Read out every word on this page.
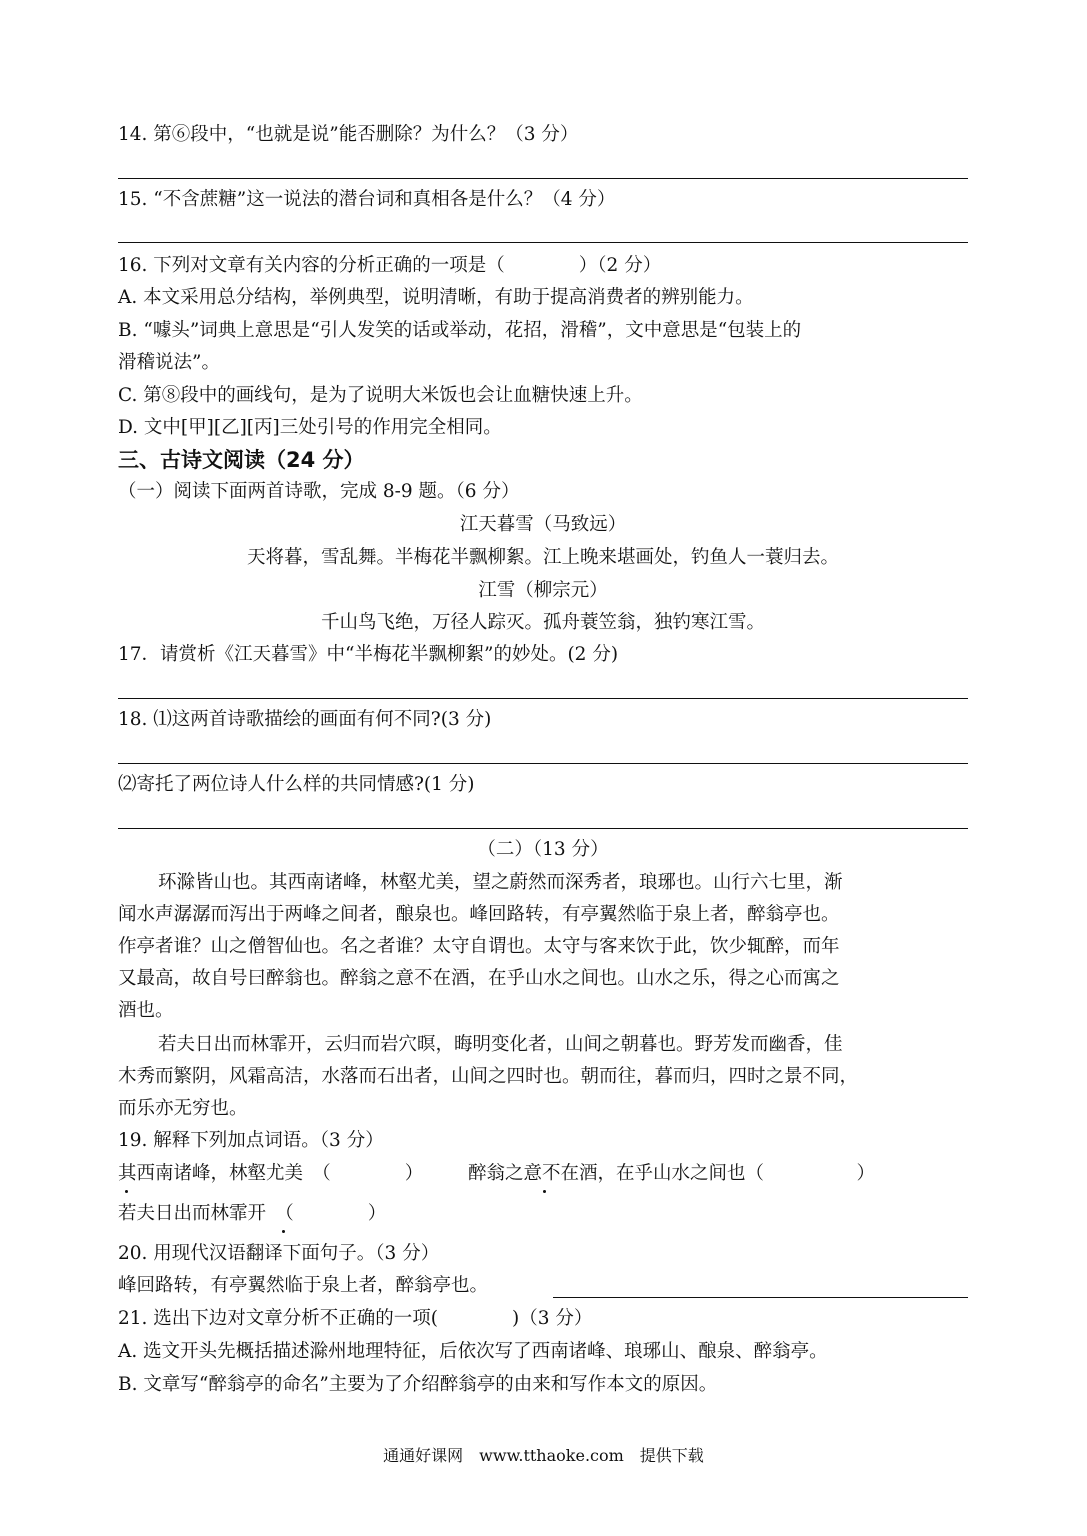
14. 第⑥段中，“也就是说”能否删除？为什么？（3 分）
15. “不含蔗糖”这一说法的潜台词和真相各是什么？（4 分）
16. 下列对文章有关内容的分析正确的一项是（　　　　）（2 分）
A. 本文采用总分结构，举例典型，说明清晰，有助于提高消费者的辨别能力。
B. “噱头”词典上意思是“引人发笑的话或举动，花招，滑稽”，文中意思是“包装上的
滑稽说法”。
C. 第⑧段中的画线句，是为了说明大米饭也会让血糖快速上升。
D. 文中[甲][乙][丙]三处引号的作用完全相同。
三、古诗文阅读（24 分）
（一）阅读下面两首诗歌，完成 8-9 题。（6 分）
江天暮雪（马致远）
天将暮，雪乱舞。半梅花半飘柳絮。江上晚来堪画处，钓鱼人一蓑归去。
江雪（柳宗元）
千山鸟飞绝，万径人踪灭。孤舟蓑笠翁，独钓寒江雪。
17．请赏析《江天暮雪》中“半梅花半飘柳絮”的妙处。(2 分)
18. ⑴这两首诗歌描绘的画面有何不同?(3 分)
⑵寄托了两位诗人什么样的共同情感?(1 分)
（二）（13 分）
环滁皆山也。其西南诸峰，林壑尤美，望之蔚然而深秀者，琅琊也。山行六七里，渐
闻水声潺潺而泻出于两峰之间者，酿泉也。峰回路转，有亭翼然临于泉上者，醉翁亭也。
作亭者谁？山之僧智仙也。名之者谁？太守自谓也。太守与客来饮于此，饮少辄醉，而年
又最高，故自号曰醉翁也。醉翁之意不在酒，在乎山水之间也。山水之乐，得之心而寓之
酒也。
若夫日出而林霏开，云归而岩穴暝，晦明变化者，山间之朝暮也。野芳发而幽香，佳
木秀而繁阴，风霜高洁，水落而石出者，山间之四时也。朝而往，暮而归，四时之景不同，
而乐亦无穷也。
19. 解释下列加点词语。（3 分）
其西南诸峰，林壑尤美　（　　　　）	醉翁之意不在酒，在乎山水之间也（　　　　　）
若夫日出而林霏开　（　　　　）
20. 用现代汉语翻译下面句子。（3 分）
峰回路转，有亭翼然临于泉上者，醉翁亭也。
21. 选出下边对文章分析不正确的一项(　　　　)（3 分）
A. 选文开头先概括描述滁州地理特征，后依次写了西南诸峰、琅琊山、酿泉、醉翁亭。
B. 文章写“醉翁亭的命名”主要为了介绍醉翁亭的由来和写作本文的原因。
通通好课网　www.tthaoke.com　提供下载
